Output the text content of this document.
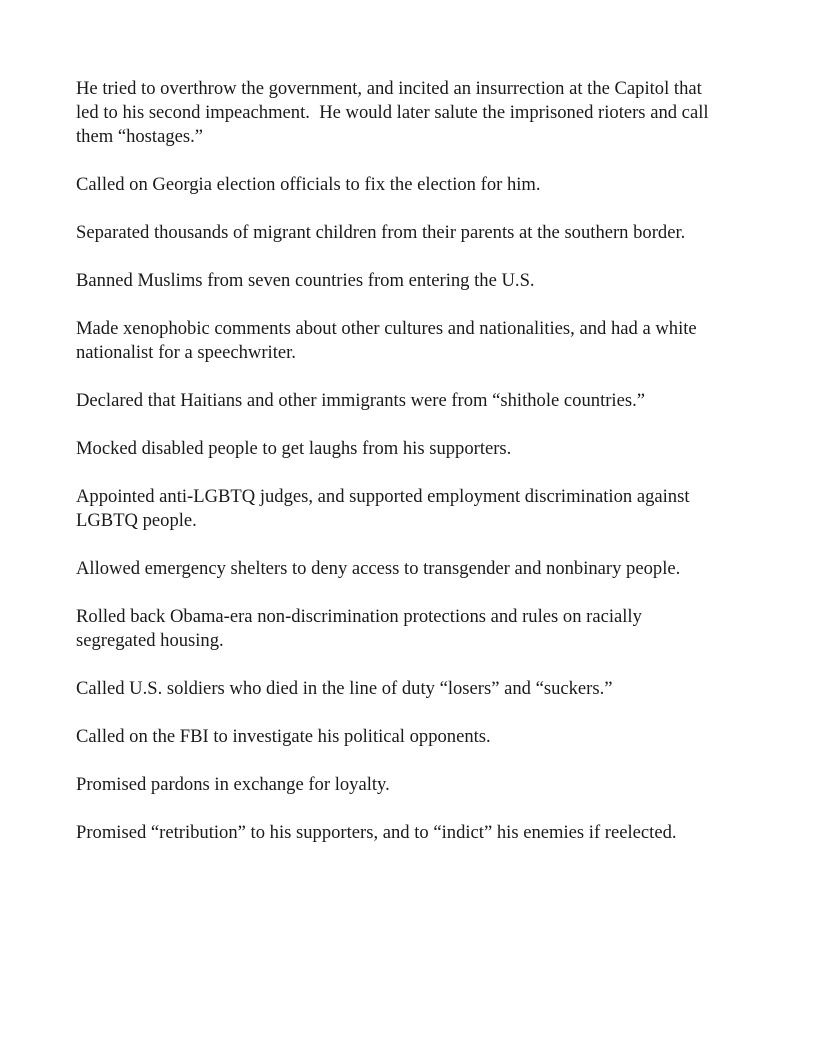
He tried to overthrow the government, and incited an insurrection at the Capitol that led to his second impeachment.  He would later salute the imprisoned rioters and call them “hostages.”

Called on Georgia election officials to fix the election for him.

Separated thousands of migrant children from their parents at the southern border.

Banned Muslims from seven countries from entering the U.S.

Made xenophobic comments about other cultures and nationalities, and had a white nationalist for a speechwriter.

Declared that Haitians and other immigrants were from “shithole countries.”

Mocked disabled people to get laughs from his supporters.

Appointed anti-LGBTQ judges, and supported employment discrimination against LGBTQ people.

Allowed emergency shelters to deny access to transgender and nonbinary people.

Rolled back Obama-era non-discrimination protections and rules on racially segregated housing.

Called U.S. soldiers who died in the line of duty “losers” and “suckers.”

Called on the FBI to investigate his political opponents.

Promised pardons in exchange for loyalty.

Promised “retribution” to his supporters, and to “indict” his enemies if reelected.
